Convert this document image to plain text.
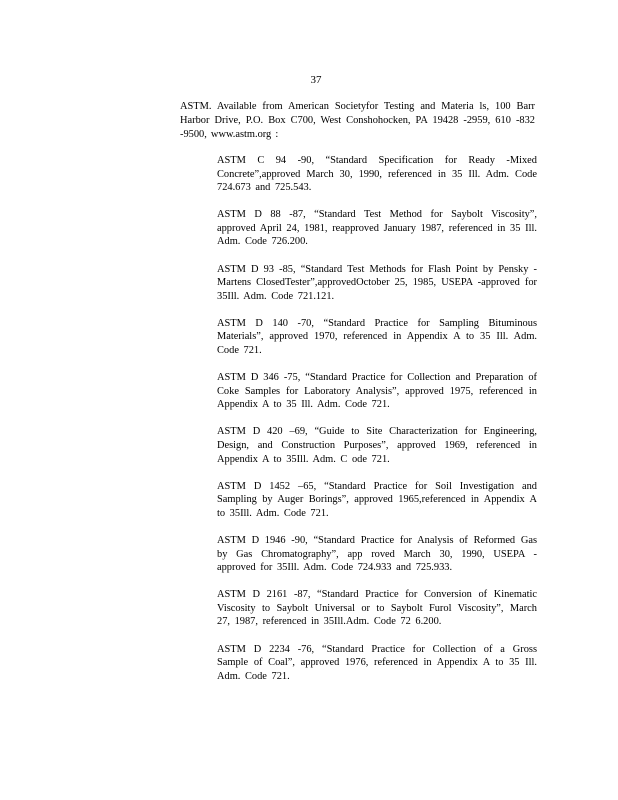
37

ASTM. Available from American Societyfor Testing and Materia ls, 100 Barr Harbor Drive, P.O. Box C700, West Conshohocken, PA 19428 -2959, 610 -832 -9500, www.astm.org :

ASTM C 94 -90, “Standard Specification for Ready -Mixed Concrete”,approved March 30, 1990, referenced in 35 Ill. Adm. Code 724.673 and 725.543.

ASTM D 88 -87, “Standard Test Method for Saybolt Viscosity”, approved April 24, 1981, reapproved January 1987, referenced in 35 Ill. Adm. Code 726.200.

ASTM D 93 -85, “Standard Test Methods for Flash Point by Pensky -Martens ClosedTester”,approvedOctober 25, 1985, USEPA -approved for 35Ill. Adm. Code 721.121.

ASTM D 140 -70, “Standard Practice for Sampling Bituminous Materials”, approved 1970, referenced in Appendix A to 35 Ill. Adm. Code 721.

ASTM D 346 -75, “Standard Practice for Collection and Preparation of Coke Samples for Laboratory Analysis”, approved 1975, referenced in Appendix A to 35 Ill. Adm. Code 721.

ASTM D 420 –69, “Guide to Site Characterization for Engineering, Design, and Construction Purposes”, approved 1969, referenced in Appendix A to 35Ill. Adm. C ode 721.

ASTM D 1452 –65, “Standard Practice for Soil Investigation and Sampling by Auger Borings”, approved 1965,referenced in Appendix A to 35Ill. Adm. Code 721.

ASTM D 1946 -90, “Standard Practice for Analysis of Reformed Gas by Gas Chromatography”, app roved March 30, 1990, USEPA -approved for 35Ill. Adm. Code 724.933 and 725.933.

ASTM D 2161 -87, “Standard Practice for Conversion of Kinematic Viscosity to Saybolt Universal or to Saybolt Furol Viscosity”, March 27, 1987, referenced in 35Ill.Adm. Code 72 6.200.

ASTM D 2234 -76, “Standard Practice for Collection of a Gross Sample of Coal”, approved 1976, referenced in Appendix A to 35 Ill. Adm. Code 721.
